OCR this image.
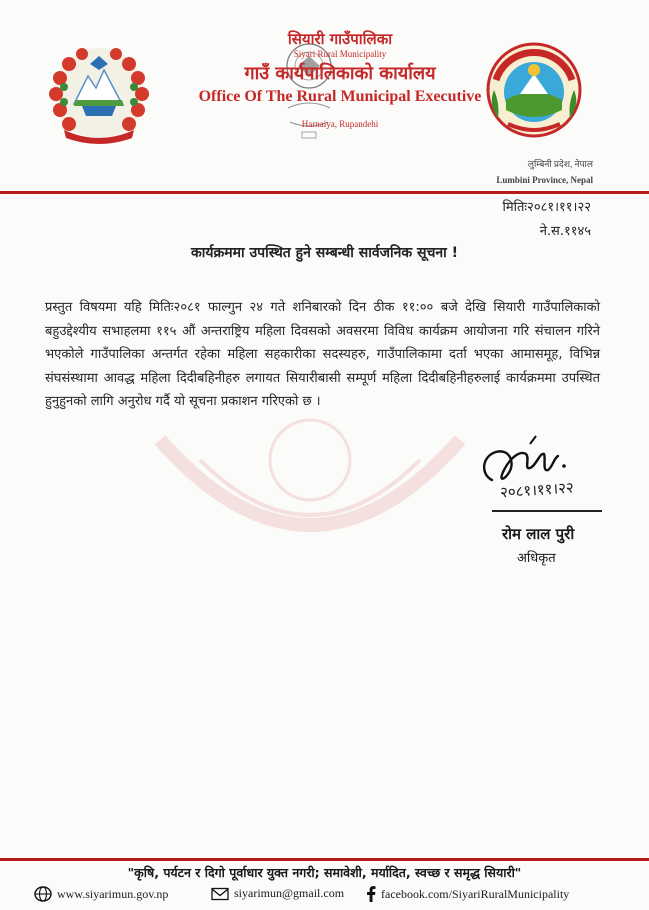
सियारी गाउँपालिका
Siyari Rural Municipality
गाउँ कार्यपालिकाको कार्यालय
Office Of The Rural Municipal Executive
Harnaiya, Rupandehi
लुम्बिनी प्रदेश, नेपाल
Lumbini Province, Nepal
मितिः२०८१।११।२२
ने.स.११४५
कार्यक्रममा उपस्थित हुने सम्बन्धी सार्वजनिक सूचना !
प्रस्तुत विषयमा यहि मितिः२०८१ फाल्गुन २४ गते शनिबारको दिन ठीक ११:०० बजे देखि सियारी गाउँपालिकाको बहुउद्देश्यीय सभाहलमा ११५ औं अन्तराष्ट्रिय महिला दिवसको अवसरमा विविध कार्यक्रम आयोजना गरि संचालन गरिने भएकोले गाउँपालिका अन्तर्गत रहेका महिला सहकारीका सदस्यहरु, गाउँपालिकामा दर्ता भएका आमासमूह, विभिन्न संघसंस्थामा आवद्ध महिला दिदीबहिनीहरु लगायत सियारीबासी सम्पूर्ण महिला दिदीबहिनीहरुलाई कार्यक्रममा उपस्थित हुनुहुनको लागि अनुरोध गर्दै यो सूचना प्रकाशन गरिएको छ ।
२०८१।११।२२
रोम लाल पुरी
अधिकृत
"कृषि, पर्यटन र दिगो पूर्वाधार युक्त नगरी; समावेशी, मर्यादित, स्वच्छ र समृद्ध सियारी"
www.siyarimun.gov.np	siyarimun@gmail.com	facebook.com/SiyariRuralMunicipality
